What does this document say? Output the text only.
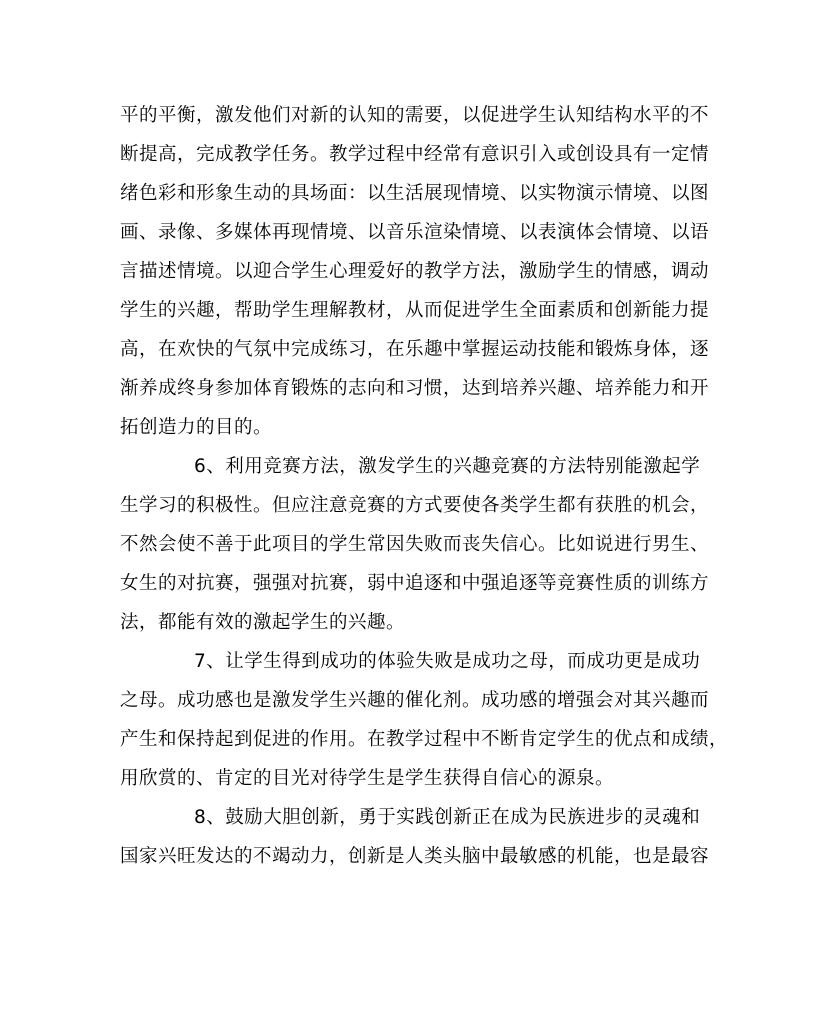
平的平衡，激发他们对新的认知的需要，以促进学生认知结构水平的不
断提高，完成教学任务。教学过程中经常有意识引入或创设具有一定情
绪色彩和形象生动的具场面：以生活展现情境、以实物演示情境、以图
画、录像、多媒体再现情境、以音乐渲染情境、以表演体会情境、以语
言描述情境。以迎合学生心理爱好的教学方法，激励学生的情感，调动
学生的兴趣，帮助学生理解教材，从而促进学生全面素质和创新能力提
高，在欢快的气氛中完成练习，在乐趣中掌握运动技能和锻炼身体，逐
渐养成终身参加体育锻炼的志向和习惯，达到培养兴趣、培养能力和开
拓创造力的目的。
6、利用竞赛方法，激发学生的兴趣竞赛的方法特别能激起学
生学习的积极性。但应注意竞赛的方式要使各类学生都有获胜的机会，
不然会使不善于此项目的学生常因失败而丧失信心。比如说进行男生、
女生的对抗赛，强强对抗赛，弱中追逐和中强追逐等竞赛性质的训练方
法，都能有效的激起学生的兴趣。
7、让学生得到成功的体验失败是成功之母，而成功更是成功
之母。成功感也是激发学生兴趣的催化剂。成功感的增强会对其兴趣而
产生和保持起到促进的作用。在教学过程中不断肯定学生的优点和成绩，
用欣赏的、肯定的目光对待学生是学生获得自信心的源泉。
8、鼓励大胆创新，勇于实践创新正在成为民族进步的灵魂和
国家兴旺发达的不竭动力，创新是人类头脑中最敏感的机能，也是最容
